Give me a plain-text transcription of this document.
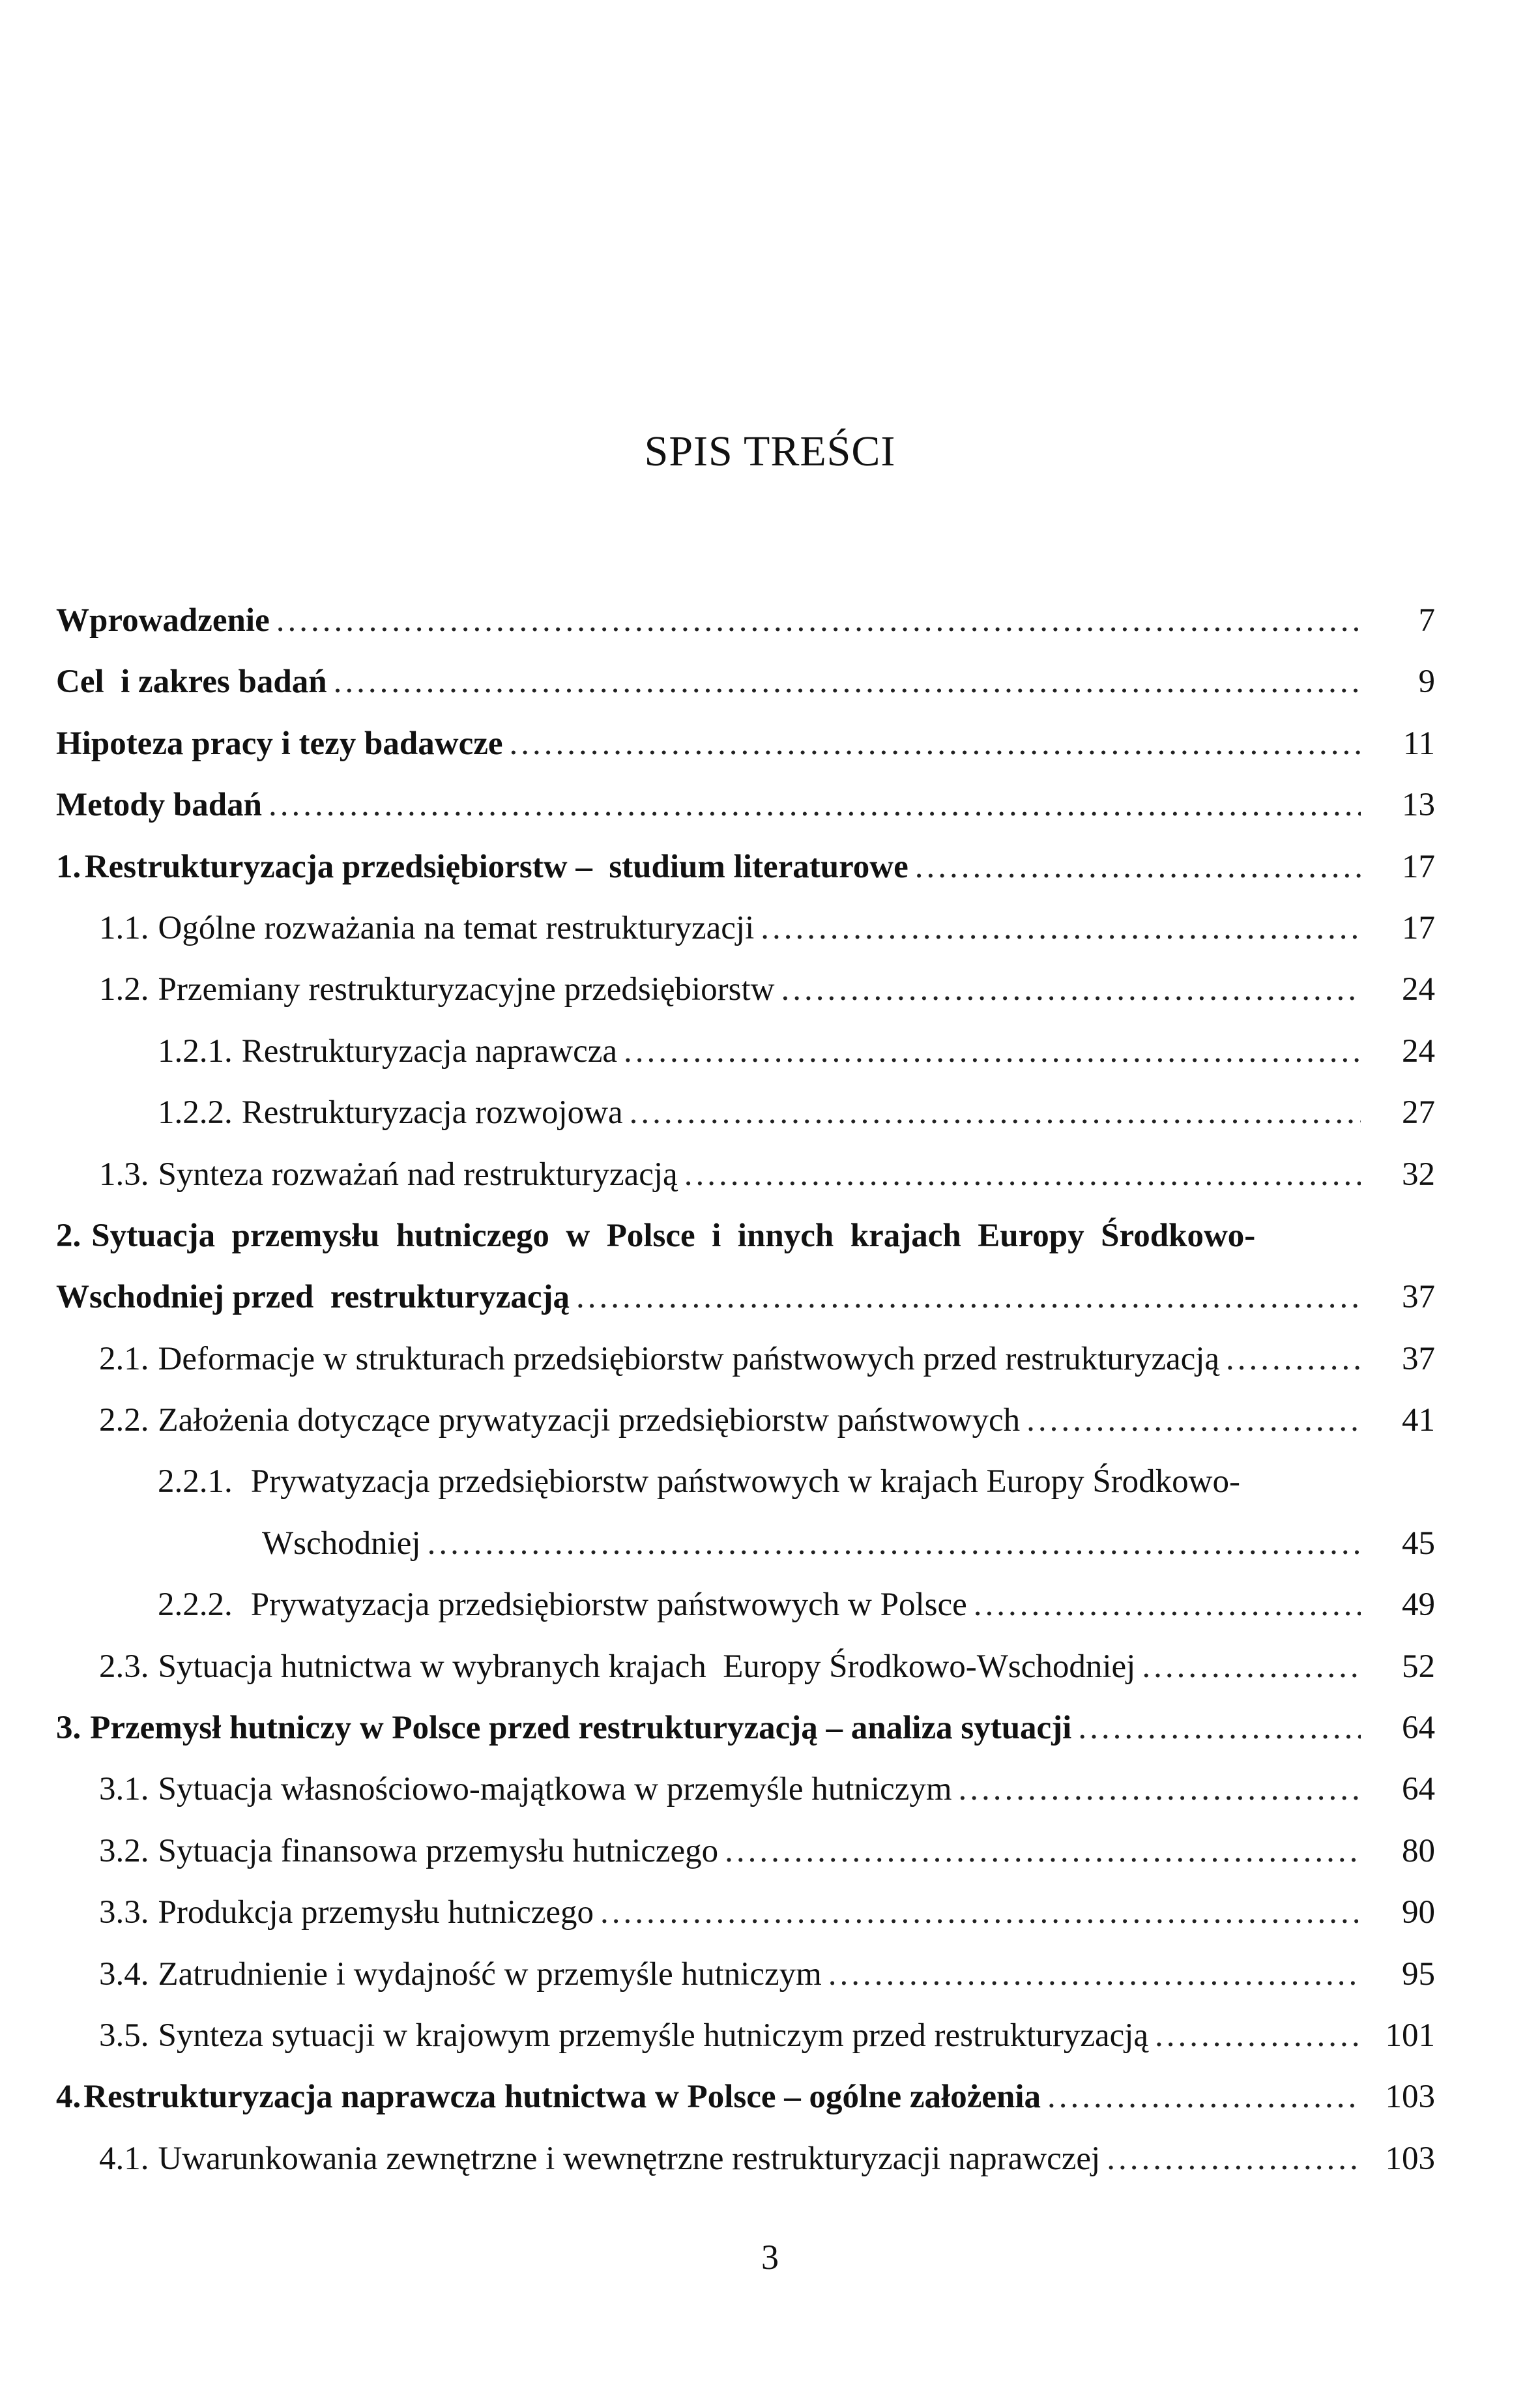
SPIS TREŚCI
Wprowadzenie .....	7
Cel  i zakres badań .....	9
Hipoteza pracy i tezy badawcze .....	11
Metody badań .....	13
1. Restrukturyzacja przedsiębiorstw –  studium literaturowe .....	17
1.1. Ogólne rozważania na temat restrukturyzacji .....	17
1.2. Przemiany restrukturyzacyjne przedsiębiorstw .....	24
1.2.1. Restrukturyzacja naprawcza .....	24
1.2.2. Restrukturyzacja rozwojowa .....	27
1.3. Synteza rozważań nad restrukturyzacją .....	32
2. Sytuacja  przemysłu  hutniczego  w  Polsce  i  innych  krajach  Europy  Środkowo-
Wschodniej przed  restrukturyzacją .....	37
2.1. Deformacje w strukturach przedsiębiorstw państwowych przed restrukturyzacją .....	37
2.2. Założenia dotyczące prywatyzacji przedsiębiorstw państwowych .....	41
2.2.1. Prywatyzacja przedsiębiorstw państwowych w krajach Europy Środkowo-
Wschodniej .....	45
2.2.2. Prywatyzacja przedsiębiorstw państwowych w Polsce .....	49
2.3. Sytuacja hutnictwa w wybranych krajach  Europy Środkowo-Wschodniej .....	52
3. Przemysł hutniczy w Polsce przed restrukturyzacją – analiza sytuacji .....	64
3.1. Sytuacja własnościowo-majątkowa w przemyśle hutniczym .....	64
3.2. Sytuacja finansowa przemysłu hutniczego .....	80
3.3. Produkcja przemysłu hutniczego .....	90
3.4. Zatrudnienie i wydajność w przemyśle hutniczym .....	95
3.5. Synteza sytuacji w krajowym przemyśle hutniczym przed restrukturyzacją .....	101
4. Restrukturyzacja naprawcza hutnictwa w Polsce – ogólne założenia .....	103
4.1. Uwarunkowania zewnętrzne i wewnętrzne restrukturyzacji naprawczej .....	103
3
